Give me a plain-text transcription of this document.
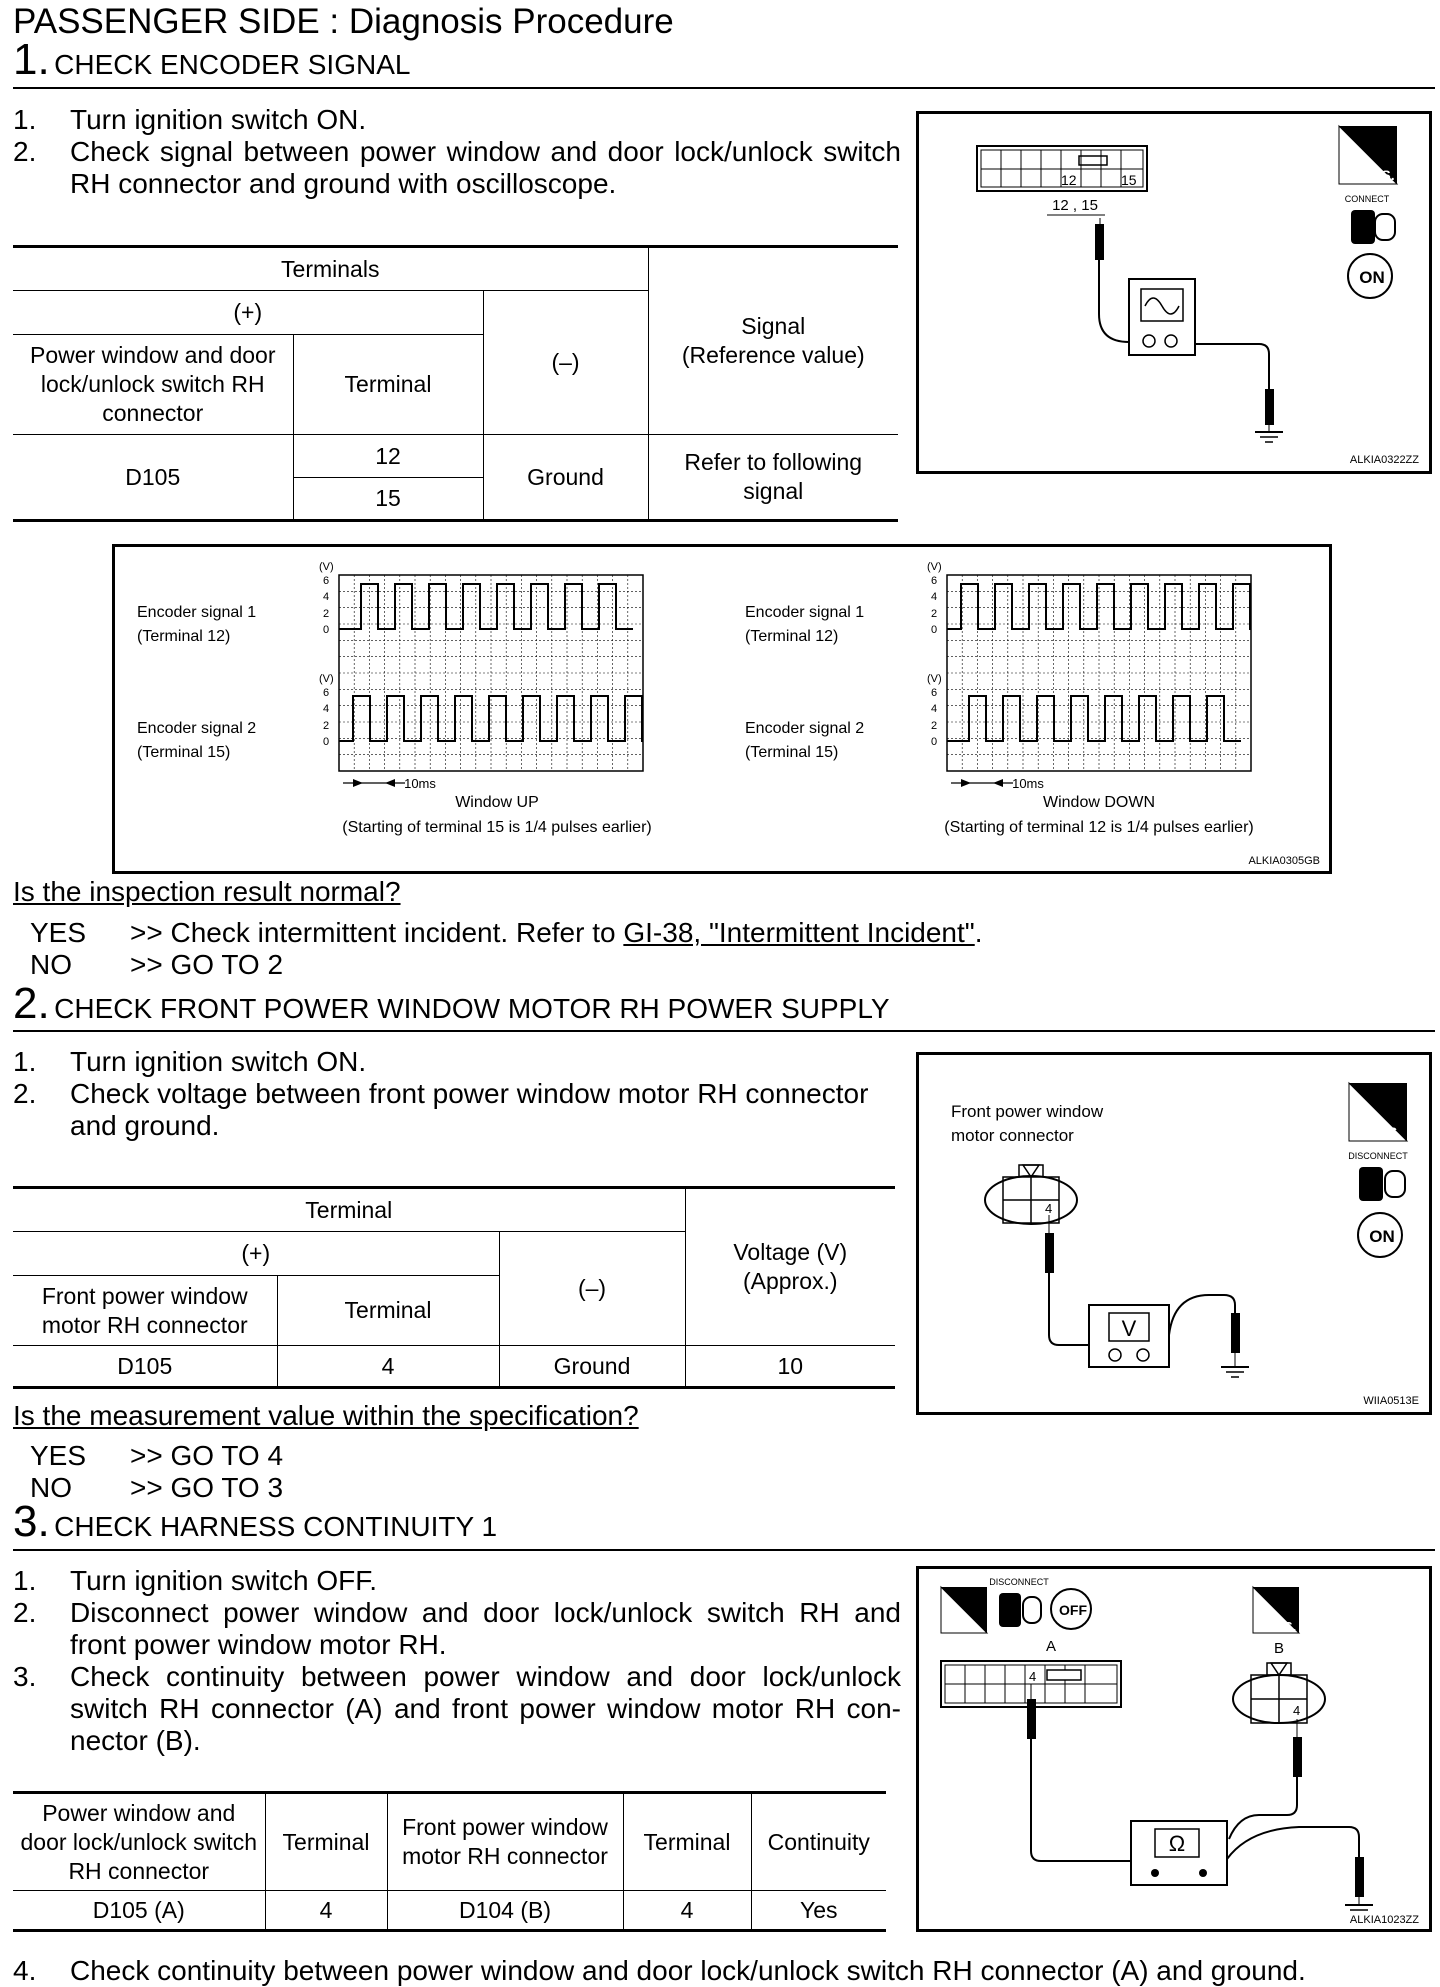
PASSENGER SIDE : Diagnosis Procedure
1. CHECK ENCODER SIGNAL
1. Turn ignition switch ON.
2. Check signal between power window and door lock/unlock switch RH connector and ground with oscilloscope.
Terminals			Signal
(Reference value)
(+)		(–)	
Power window and door lock/unlock switch RH connector	Terminal		
D105	12	Ground	Refer to following signal
	15		
12	15
12 , 15
H.S.
CONNECT
ON
ALKIA0322ZZ
Encoder signal 1
(Terminal 12)
Encoder signal 2
(Terminal 15)
(V)
6
4
2
0
(V)
6
4
2
0
10ms
Window UP
(Starting of terminal 15 is 1/4 pulses earlier)
Encoder signal 1
(Terminal 12)
Encoder signal 2
(Terminal 15)
(V)
6
4
2
0
(V)
6
4
2
0
10ms
Window DOWN
(Starting of terminal 12 is 1/4 pulses earlier)
ALKIA0305GB
Is the inspection result normal?
YES	>> Check intermittent incident. Refer to GI-38, "Intermittent Incident".
NO	>> GO TO 2
2. CHECK FRONT POWER WINDOW MOTOR RH POWER SUPPLY
1. Turn ignition switch ON.
2. Check voltage between front power window motor RH connector and ground.
Terminal			Voltage (V)
(Approx.)
(+)		(–)	
Front power window motor RH connector	Terminal		
D105	4	Ground	10
Front power window
motor connector
4
V
T.S.
DISCONNECT
ON
WIIA0513E
Is the measurement value within the specification?
YES	>> GO TO 4
NO	>> GO TO 3
3. CHECK HARNESS CONTINUITY 1
1. Turn ignition switch OFF.
2. Disconnect power window and door lock/unlock switch RH and front power window motor RH.
3. Check continuity between power window and door lock/unlock switch RH connector (A) and front power window motor RH con-nector (B).
Power window and door lock/unlock switch RH connector	Terminal	Front power window motor RH connector	Terminal	Continuity
D105 (A)	4	D104 (B)	4	Yes
H.S.
DISCONNECT
OFF
A
4
Ω
T.S.
B
4
ALKIA1023ZZ
4. Check continuity between power window and door lock/unlock switch RH connector (A) and ground.
